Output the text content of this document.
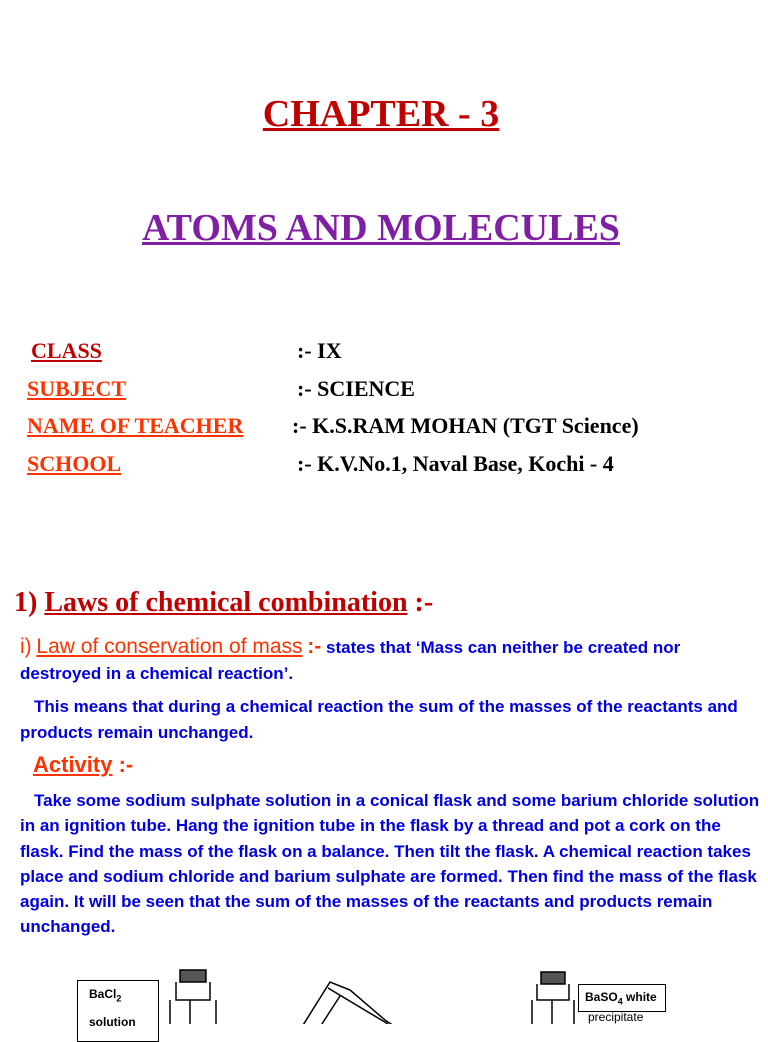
CHAPTER - 3
ATOMS AND MOLECULES
CLASS	:- IX
SUBJECT	:- SCIENCE
NAME OF TEACHER :- K.S.RAM MOHAN (TGT Science)
SCHOOL	:- K.V.No.1, Naval Base, Kochi - 4
1) Laws of chemical combination :-
i) Law of conservation of mass :- states that ‘Mass can neither be created nor destroyed in a chemical reaction’.
This means that during a chemical reaction the sum of the masses of the reactants and products remain unchanged.
Activity :-
Take some sodium sulphate solution in a conical flask and some barium chloride solution in an ignition tube. Hang the ignition tube in the flask by a thread and pot a cork on the flask. Find the mass of the flask on a balance. Then tilt the flask. A chemical reaction takes place and sodium chloride and barium sulphate are formed. Then find the mass of the flask again. It will be seen that the sum of the masses of the reactants and products remain unchanged.
BaCl$_2$
solution
BaSO$_4$ white
precipitate
